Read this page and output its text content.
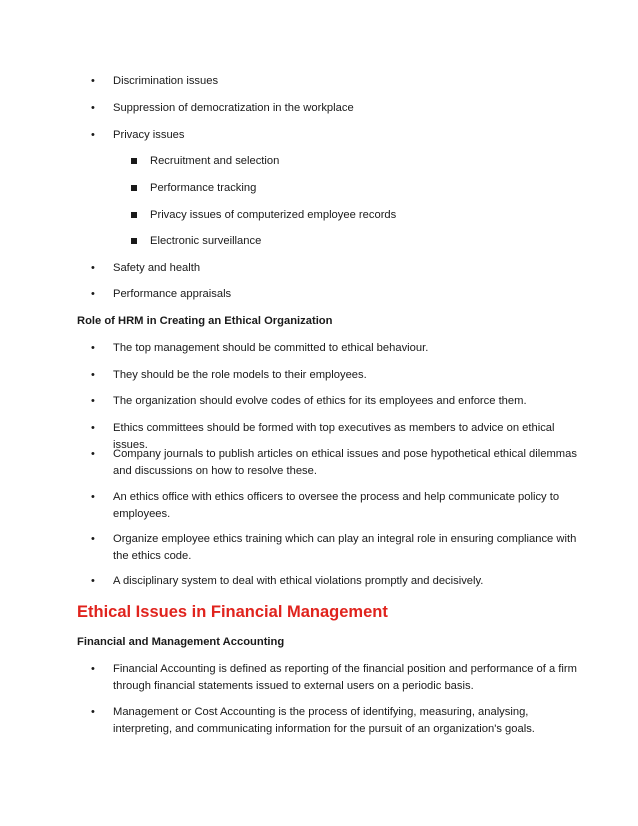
•	Discrimination issues
•	Suppression of democratization in the workplace
•	Privacy issues
Recruitment and selection
Performance tracking
Privacy issues of computerized employee records
Electronic surveillance
•	Safety and health
•	Performance appraisals
Role of HRM in Creating an Ethical Organization
•	The top management should be committed to ethical behaviour.
•	They should be the role models to their employees.
•	The organization should evolve codes of ethics for its employees and enforce them.
•	Ethics committees should be formed with top executives as members to advice on ethical issues.
•	Company journals to publish articles on ethical issues and pose hypothetical ethical dilemmas and discussions on how to resolve these.
•	An ethics office with ethics officers to oversee the process and help communicate policy to employees.
•	Organize employee ethics training which can play an integral role in ensuring compliance with the ethics code.
•	A disciplinary system to deal with ethical violations promptly and decisively.
Ethical Issues in Financial Management
Financial and Management Accounting
•	Financial Accounting is defined as reporting of the financial position and performance of a firm through financial statements issued to external users on a periodic basis.
•	Management or Cost Accounting is the process of identifying, measuring, analysing, interpreting, and communicating information for the pursuit of an organization's goals.
